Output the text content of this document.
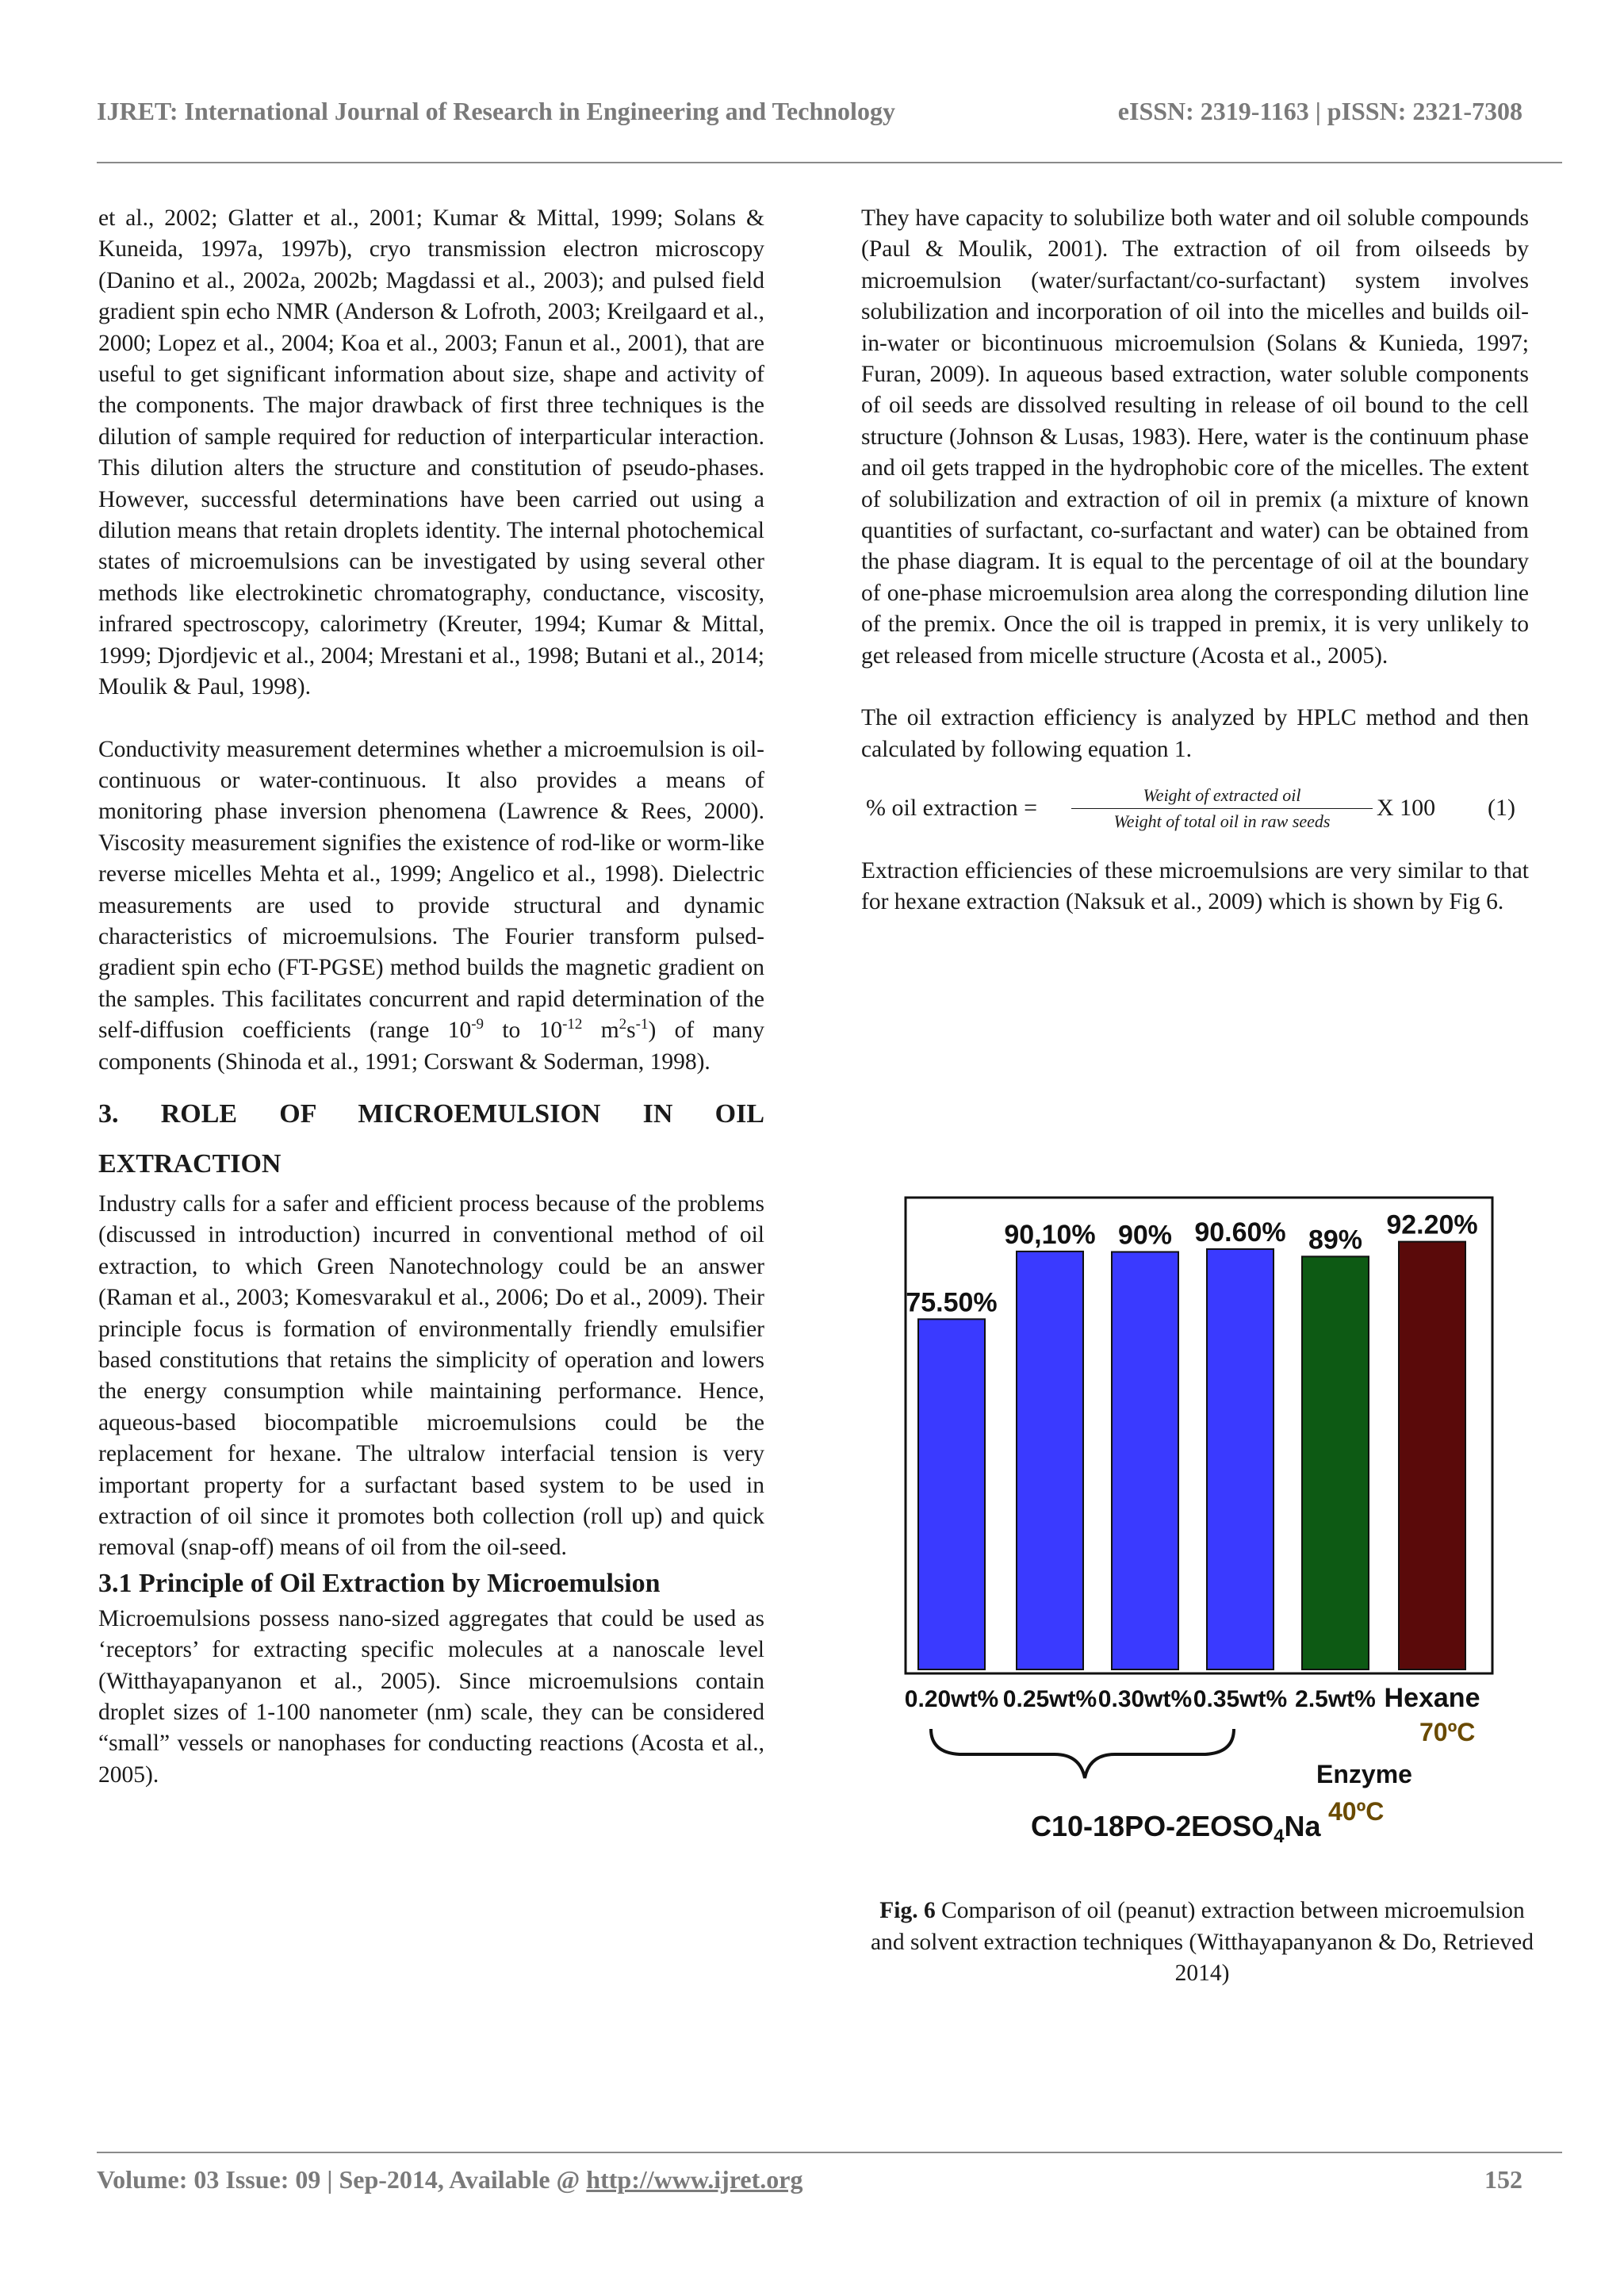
IJRET: International Journal of Research in Engineering and Technology	eISSN: 2319-1163 | pISSN: 2321-7308

et al., 2002; Glatter et al., 2001; Kumar & Mittal, 1999; Solans & Kuneida, 1997a, 1997b), cryo transmission electron microscopy (Danino et al., 2002a, 2002b; Magdassi et al., 2003); and pulsed field gradient spin echo NMR (Anderson & Lofroth, 2003; Kreilgaard et al., 2000; Lopez et al., 2004; Koa et al., 2003; Fanun et al., 2001), that are useful to get significant information about size, shape and activity of the components. The major drawback of first three techniques is the dilution of sample required for reduction of interparticular interaction. This dilution alters the structure and constitution of pseudo-phases. However, successful determinations have been carried out using a dilution means that retain droplets identity. The internal photochemical states of microemulsions can be investigated by using several other methods like electrokinetic chromatography, conductance, viscosity, infrared spectroscopy, calorimetry (Kreuter, 1994; Kumar & Mittal, 1999; Djordjevic et al., 2004; Mrestani et al., 1998; Butani et al., 2014; Moulik & Paul, 1998).

Conductivity measurement determines whether a microemulsion is oil-continuous or water-continuous. It also provides a means of monitoring phase inversion phenomena (Lawrence & Rees, 2000). Viscosity measurement signifies the existence of rod-like or worm-like reverse micelles Mehta et al., 1999; Angelico et al., 1998). Dielectric measurements are used to provide structural and dynamic characteristics of microemulsions. The Fourier transform pulsed-gradient spin echo (FT-PGSE) method builds the magnetic gradient on the samples. This facilitates concurrent and rapid determination of the self-diffusion coefficients (range $10^{-9}$ to $10^{-12}$ $m^2s^{-1}$) of many components (Shinoda et al., 1991; Corswant & Soderman, 1998).

3. ROLE OF MICROEMULSION IN OIL

EXTRACTION

Industry calls for a safer and efficient process because of the problems (discussed in introduction) incurred in conventional method of oil extraction, to which Green Nanotechnology could be an answer (Raman et al., 2003; Komesvarakul et al., 2006; Do et al., 2009). Their principle focus is formation of environmentally friendly emulsifier based constitutions that retains the simplicity of operation and lowers the energy consumption while maintaining performance. Hence, aqueous-based biocompatible microemulsions could be the replacement for hexane. The ultralow interfacial tension is very important property for a surfactant based system to be used in extraction of oil since it promotes both collection (roll up) and quick removal (snap-off) means of oil from the oil-seed.

3.1 Principle of Oil Extraction by Microemulsion

Microemulsions possess nano-sized aggregates that could be used as ‘receptors’ for extracting specific molecules at a nanoscale level (Witthayapanyanon et al., 2005). Since microemulsions contain droplet sizes of 1-100 nanometer (nm) scale, they can be considered “small” vessels or nanophases for conducting reactions (Acosta et al., 2005).

They have capacity to solubilize both water and oil soluble compounds (Paul & Moulik, 2001). The extraction of oil from oilseeds by microemulsion (water/surfactant/co-surfactant) system involves solubilization and incorporation of oil into the micelles and builds oil-in-water or bicontinuous microemulsion (Solans & Kunieda, 1997; Furan, 2009). In aqueous based extraction, water soluble components of oil seeds are dissolved resulting in release of oil bound to the cell structure (Johnson & Lusas, 1983). Here, water is the continuum phase and oil gets trapped in the hydrophobic core of the micelles. The extent of solubilization and extraction of oil in premix (a mixture of known quantities of surfactant, co-surfactant and water) can be obtained from the phase diagram. It is equal to the percentage of oil at the boundary of one-phase microemulsion area along the corresponding dilution line of the premix. Once the oil is trapped in premix, it is very unlikely to get released from micelle structure (Acosta et al., 2005).

The oil extraction efficiency is analyzed by HPLC method and then calculated by following equation 1.

% oil extraction =	Weight of extracted oil
Weight of total oil in raw seeds
X 100 (1)

Extraction efficiencies of these microemulsions are very similar to that for hexane extraction (Naksuk et al., 2009) which is shown by Fig 6.

75.50%
90,10% 90% 90.60% 89% 92.20%
0.20wt% 0.25wt% 0.30wt% 0.35wt% 2.5wt% Hexane
$C10-18PO-2EOSO_4Na$
Enzyme
40ºC
70ºC
Fig. 6 Comparison of oil (peanut) extraction between microemulsion and solvent extraction techniques (Witthayapanyanon & Do, Retrieved 2014)
Volume: 03 Issue: 09 | Sep-2014, Available @ http://www.ijret.org	152
